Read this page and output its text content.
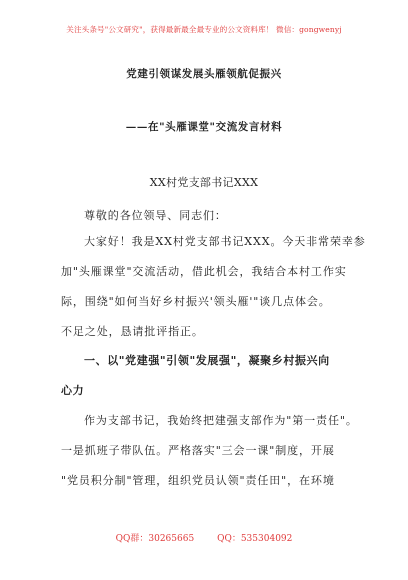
关注头条号"公文研究"，获得最新最全最专业的公文资料库！ 微信：gongwenyj
党建引领谋发展头雁领航促振兴
——在"头雁课堂"交流发言材料
XX村党支部书记XXX
尊敬的各位领导、同志们：
大家好！我是XX村党支部书记XXX。今天非常荣幸参
加"头雁课堂"交流活动，借此机会，我结合本村工作实
际，围绕"如何当好乡村振兴'领头雁'"谈几点体会。
不足之处，恳请批评指正。
一、以"党建强"引领"发展强"，凝聚乡村振兴向
心力
作为支部书记，我始终把建强支部作为"第一责任"。
一是抓班子带队伍。严格落实"三会一课"制度，开展
"党员积分制"管理，组织党员认领"责任田"，在环境
QQ群：30265665	QQ：535304092
